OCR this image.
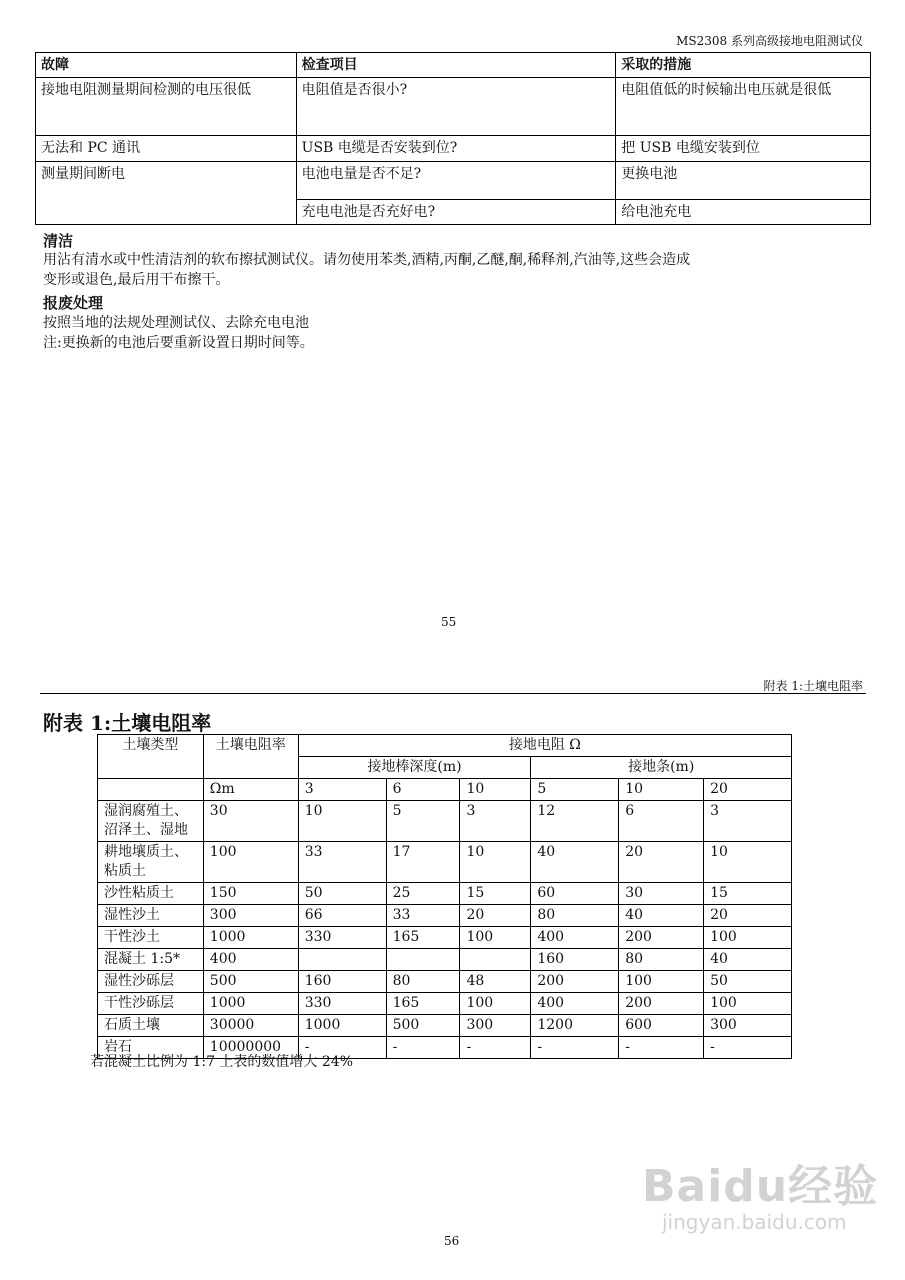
MS2308 系列高级接地电阻测试仪
故障	检查项目	采取的措施
接地电阻测量期间检测的电压很低	电阻值是否很小?	电阻值低的时候输出电压就是很低
无法和 PC 通讯	USB 电缆是否安装到位?	把 USB 电缆安装到位
测量期间断电	电池电量是否不足?	更换电池
	充电电池是否充好电?	给电池充电
清洁
用沾有清水或中性清洁剂的软布擦拭测试仪。请勿使用苯类,酒精,丙酮,乙醚,酮,稀释剂,汽油等,这些会造成
变形或退色,最后用干布擦干。
报废处理
按照当地的法规处理测试仪、去除充电电池
注:更换新的电池后要重新设置日期时间等。
55
附表 1:土壤电阻率
附表 1:土壤电阻率
土壤类型	土壤电阻率	接地电阻 Ω					
		接地棒深度(m)			接地条(m)		
	Ωm	3	6	10	5	10	20

湿润腐殖土、
沼泽土、湿地	30	10	5	3	12	6	3

耕地壤质土、
粘质土	100	33	17	10	40	20	10
沙性粘质土	150	50	25	15	60	30	15
湿性沙土	300	66	33	20	80	40	20
干性沙土	1000	330	165	100	400	200	100
混凝土 1:5*	400				160	80	40
湿性沙砾层	500	160	80	48	200	100	50
干性沙砾层	1000	330	165	100	400	200	100
石质土壤	30000	1000	500	300	1200	600	300
岩石	10000000	-	-	-	-	-	-
若混凝土比例为 1:7 上表的数值增大 24%
Baidu经验
jingyan.baidu.com
56
